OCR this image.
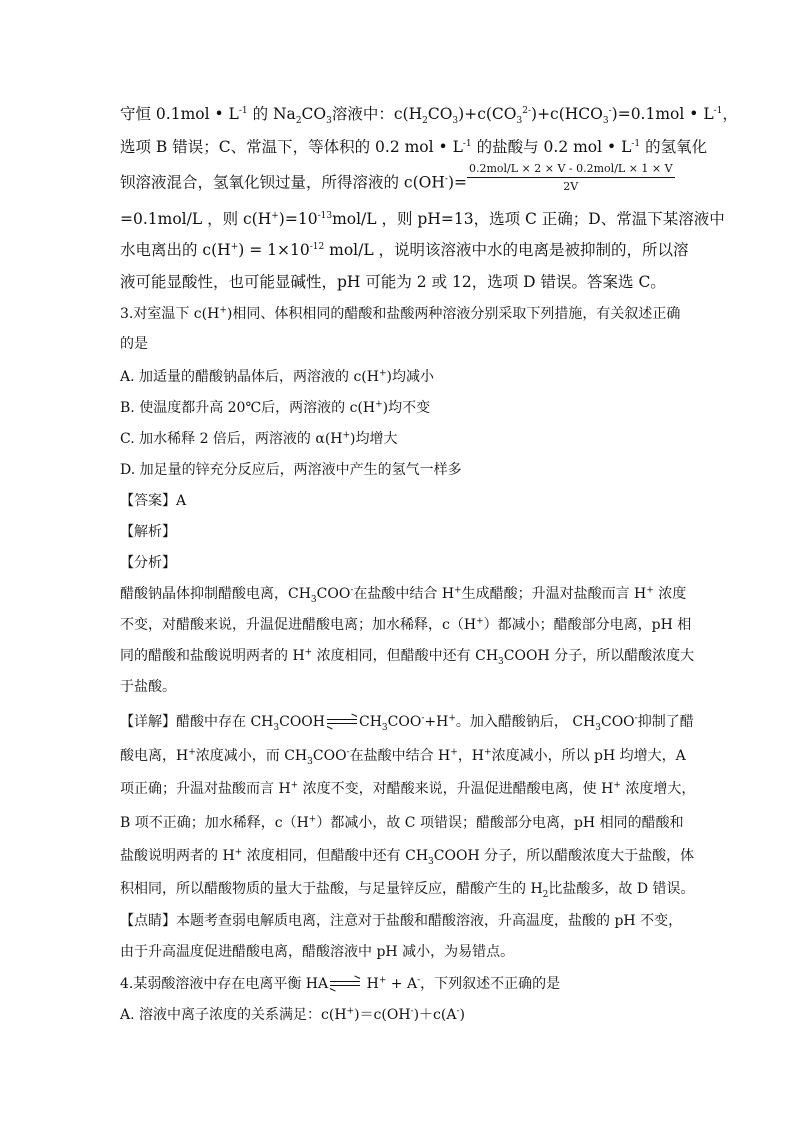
守恒 0.1mol • $L^{-1}$ 的 $Na_2CO_3$溶液中：$c(H_2CO_3)+c(CO_3^{2-})+c(HCO_3^-)=0.1mol$ • $L^{-1}$，
选项 B 错误；C、常温下，等体积的 0.2 mol • $L^{-1}$ 的盐酸与 0.2 mol • $L^{-1}$ 的氢氧化
钡溶液混合，氢氧化钡过量，所得溶液的 $c(OH^-)= \frac{\text{0.2mol/L × 2 × V - 0.2mol/L × 1 × V}}{2V}$
=0.1mol/L ，则 $c(H^+)=10^{-13}mol/L$ ，则 pH=13，选项 C 正确；D、常温下某溶液中
水电离出的 $c(H^+) = 1\times 10^{-12}$ mol/L ，说明该溶液中水的电离是被抑制的，所以溶
液可能显酸性，也可能显碱性，pH 可能为 2 或 12，选项 D 错误。答案选 C。
3.对室温下 c(H+)相同、体积相同的醋酸和盐酸两种溶液分别采取下列措施，有关叙述正确
的是
A. 加适量的醋酸钠晶体后，两溶液的 c(H+)均减小
B. 使温度都升高 20℃后，两溶液的 c(H+)均不变
C. 加水稀释 2 倍后，两溶液的 α(H+)均增大
D. 加足量的锌充分反应后，两溶液中产生的氢气一样多
【答案】A
【解析】
【分析】
醋酸钠晶体抑制醋酸电离，$CH_3COO^-$在盐酸中结合 H+生成醋酸；升温对盐酸而言 H+ 浓度
不变，对醋酸来说，升温促进醋酸电离；加水稀释，c（H+）都减小；醋酸部分电离，pH 相
同的醋酸和盐酸说明两者的 H+ 浓度相同，但醋酸中还有 $CH_3COOH$ 分子，所以醋酸浓度大
于盐酸。
【详解】醋酸中存在 $CH_3COOH$ $CH_3COO^-+H^+$。加入醋酸钠后， $CH_3COO^-$抑制了醋
酸电离，H+浓度减小，而 $CH_3COO^-$在盐酸中结合 H+，H+浓度减小，所以 pH 均增大，A
项正确；升温对盐酸而言 H+ 浓度不变，对醋酸来说，升温促进醋酸电离，使 H+ 浓度增大，
B 项不正确；加水稀释，c（H+）都减小，故 C 项错误；醋酸部分电离，pH 相同的醋酸和
盐酸说明两者的 H+ 浓度相同，但醋酸中还有 $CH_3COOH$ 分子，所以醋酸浓度大于盐酸，体
积相同，所以醋酸物质的量大于盐酸，与足量锌反应，醋酸产生的 $H_2$比盐酸多，故 D 错误。
【点睛】本题考查弱电解质电离，注意对于盐酸和醋酸溶液，升高温度，盐酸的 pH 不变，
由于升高温度促进醋酸电离，醋酸溶液中 pH 减小，为易错点。
4.某弱酸溶液中存在电离平衡 HA
H+ + A-，下列叙述不正确的是
A. 溶液中离子浓度的关系满足：c(H+)＝c(OH-)＋c(A-)
